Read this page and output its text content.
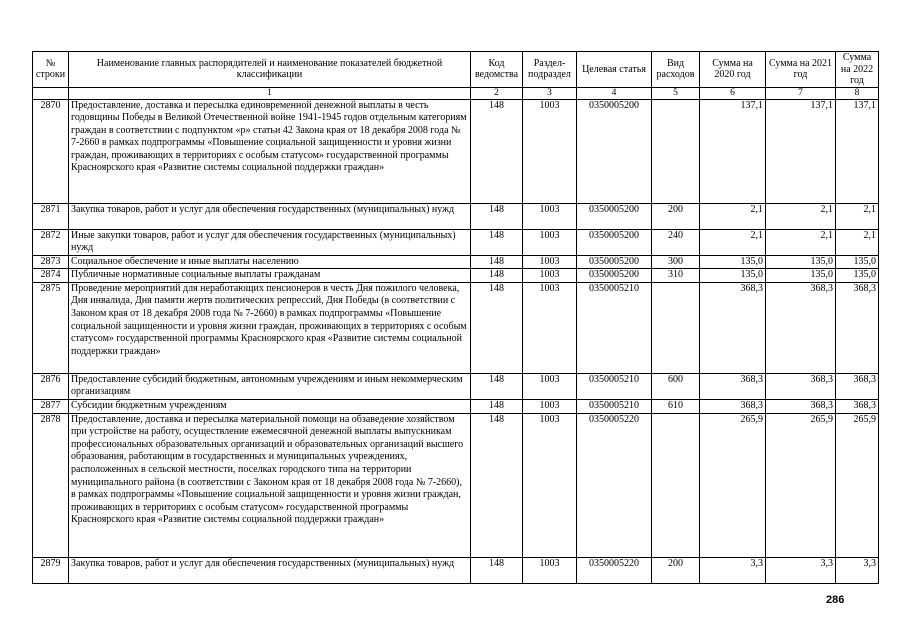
№ строки	Наименование главных распорядителей и наименование показателей бюджетной классификации	Код ведомства	Раздел-подраздел	Целевая статья	Вид расходов	Сумма на 2020 год	Сумма на 2021 год	Сумма на 2022 год
	1	2	3	4	5	6	7	8
2870	Предоставление, доставка и пересылка единовременной денежной выплаты в честь годовщины Победы в Великой Отечественной войне 1941-1945 годов отдельным категориям граждан в соответствии с подпунктом «р» статьи 42 Закона края от 18 декабря 2008 года № 7-2660 в рамках подпрограммы «Повышение социальной защищенности и уровня жизни граждан, проживающих в территориях с особым статусом» государственной программы Красноярского края «Развитие системы социальной поддержки граждан»	148	1003	0350005200		137,1	137,1	137,1
2871	Закупка товаров, работ и услуг для обеспечения государственных (муниципальных) нужд	148	1003	0350005200	200	2,1	2,1	2,1
2872	Иные закупки товаров, работ и услуг для обеспечения государственных (муниципальных) нужд	148	1003	0350005200	240	2,1	2,1	2,1
2873	Социальное обеспечение и иные выплаты населению	148	1003	0350005200	300	135,0	135,0	135,0
2874	Публичные нормативные социальные выплаты гражданам	148	1003	0350005200	310	135,0	135,0	135,0
2875	Проведение мероприятий для неработающих пенсионеров в честь Дня пожилого человека, Дня инвалида, Дня памяти жертв политических репрессий, Дня Победы (в соответствии с Законом края от 18 декабря 2008 года № 7-2660) в рамках подпрограммы «Повышение социальной защищенности и уровня жизни граждан, проживающих в территориях с особым статусом» государственной программы Красноярского края «Развитие системы социальной поддержки граждан»	148	1003	0350005210		368,3	368,3	368,3
2876	Предоставление субсидий бюджетным, автономным учреждениям и иным некоммерческим организациям	148	1003	0350005210	600	368,3	368,3	368,3
2877	Субсидии бюджетным учреждениям	148	1003	0350005210	610	368,3	368,3	368,3
2878	Предоставление, доставка и пересылка материальной помощи на обзаведение хозяйством при устройстве на работу, осуществление ежемесячной денежной выплаты выпускникам профессиональных образовательных организаций и образовательных организаций высшего образования, работающим в государственных и муниципальных учреждениях, расположенных в сельской местности, поселках городского типа на территории муниципального района (в соответствии с Законом края от 18 декабря 2008 года № 7-2660), в рамках подпрограммы «Повышение социальной защищенности и уровня жизни граждан, проживающих в территориях с особым статусом» государственной программы Красноярского края «Развитие системы социальной поддержки граждан»	148	1003	0350005220		265,9	265,9	265,9
2879	Закупка товаров, работ и услуг для обеспечения государственных (муниципальных) нужд	148	1003	0350005220	200	3,3	3,3	3,3
286
